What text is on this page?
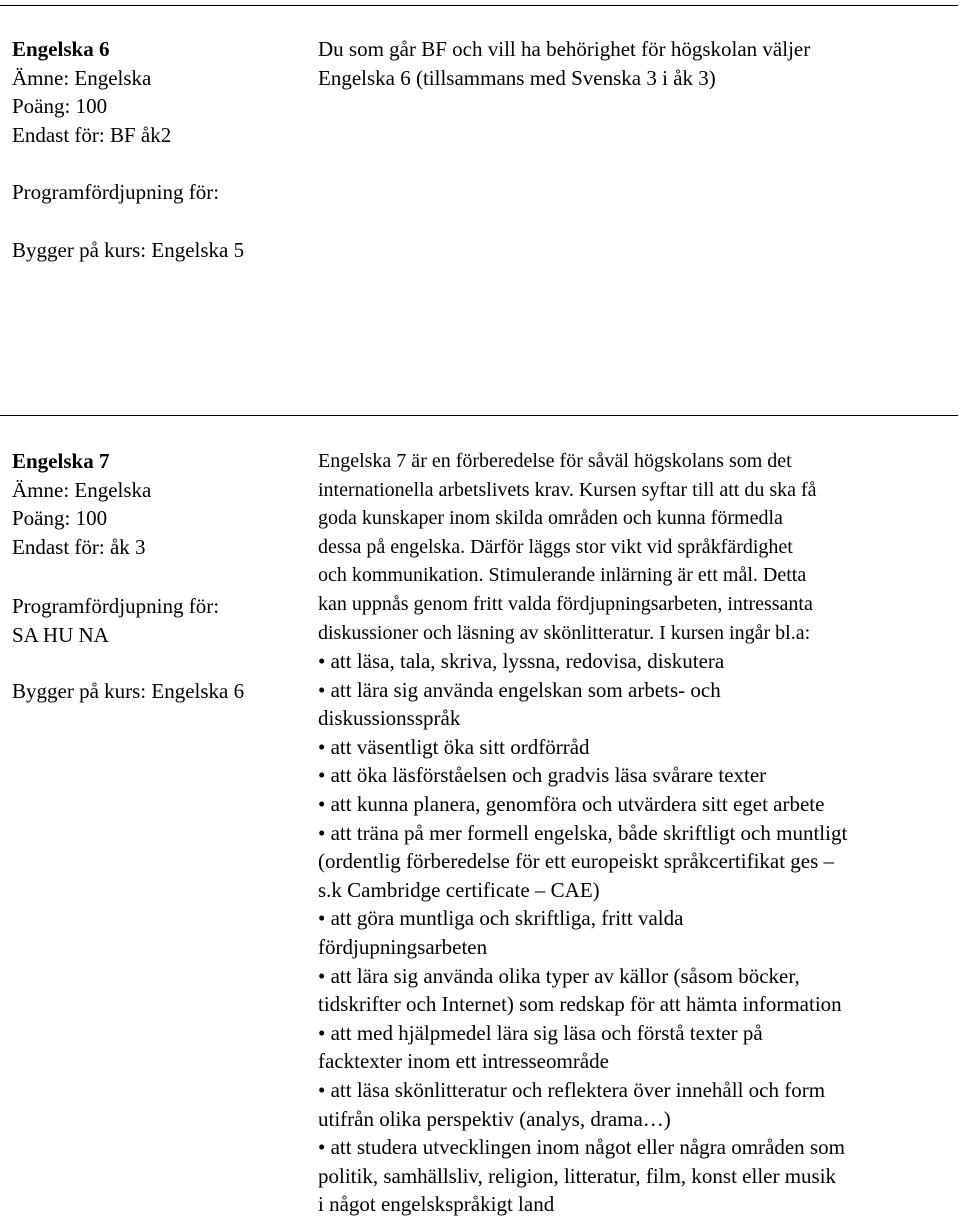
Engelska 6
Ämne: Engelska
Poäng: 100
Endast för: BF åk2
Programfördjupning för:
Bygger på kurs: Engelska 5
Du som går BF och vill ha behörighet för högskolan väljer
Engelska 6 (tillsammans med Svenska 3 i åk 3)
Engelska 7
Ämne: Engelska
Poäng: 100
Endast för: åk 3
Programfördjupning för:
SA HU NA
Bygger på kurs: Engelska 6
Engelska 7 är en förberedelse för såväl högskolans som det
internationella arbetslivets krav. Kursen syftar till att du ska få
goda kunskaper inom skilda områden och kunna förmedla
dessa på engelska. Därför läggs stor vikt vid språkfärdighet
och kommunikation. Stimulerande inlärning är ett mål. Detta
kan uppnås genom fritt valda fördjupningsarbeten, intressanta
diskussioner och läsning av skönlitteratur. I kursen ingår bl.a:
• att läsa, tala, skriva, lyssna, redovisa, diskutera
• att lära sig använda engelskan som arbets- och
diskussionsspråk
• att väsentligt öka sitt ordförråd
• att öka läsförståelsen och gradvis läsa svårare texter
• att kunna planera, genomföra och utvärdera sitt eget arbete
• att träna på mer formell engelska, både skriftligt och muntligt
(ordentlig förberedelse för ett europeiskt språkcertifikat ges –
s.k Cambridge certificate – CAE)
• att göra muntliga och skriftliga, fritt valda
fördjupningsarbeten
• att lära sig använda olika typer av källor (såsom böcker,
tidskrifter och Internet) som redskap för att hämta information
• att med hjälpmedel lära sig läsa och förstå texter på
facktexter inom ett intresseområde
• att läsa skönlitteratur och reflektera över innehåll och form
utifrån olika perspektiv (analys, drama…)
• att studera utvecklingen inom något eller några områden som
politik, samhällsliv, religion, litteratur, film, konst eller musik
i något engelskspråkigt land
